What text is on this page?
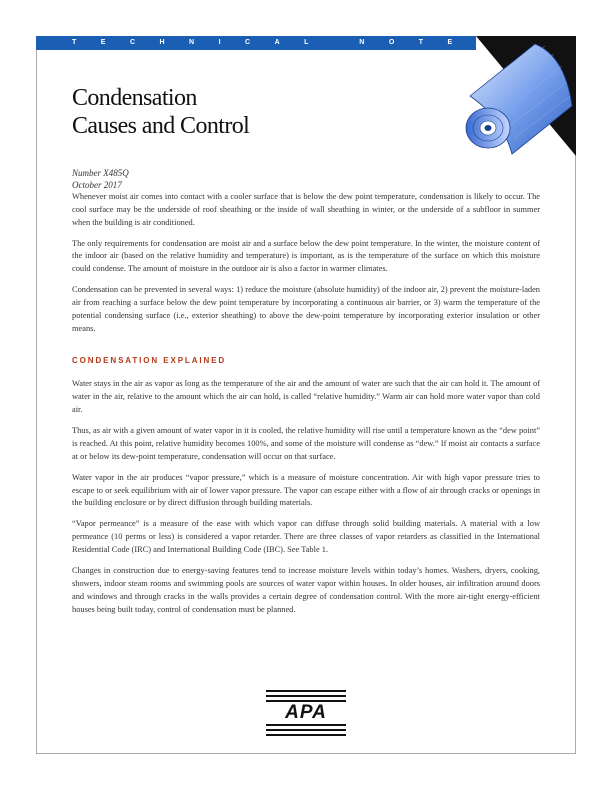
TECHNICAL NOTE
Condensation
Causes and Control
Number X485Q
October 2017

Whenever moist air comes into contact with a cooler surface that is below the dew point temperature, condensation is likely to occur. The cool surface may be the underside of roof sheathing or the inside of wall sheathing in winter, or the underside of a subfloor in summer when the building is air conditioned.

The only requirements for condensation are moist air and a surface below the dew point temperature. In the winter, the moisture content of the indoor air (based on the relative humidity and temperature) is important, as is the temperature of the surface on which this moisture could condense. The amount of moisture in the outdoor air is also a factor in warmer climates.

Condensation can be prevented in several ways: 1) reduce the moisture (absolute humidity) of the indoor air, 2) prevent the moisture-laden air from reaching a surface below the dew point temperature by incorporating a continuous air barrier, or 3) warm the temperature of the potential condensing surface (i.e., exterior sheathing) to above the dew-point temperature by incorporating exterior insulation or other means.

CONDENSATION EXPLAINED

Water stays in the air as vapor as long as the temperature of the air and the amount of water are such that the air can hold it. The amount of water in the air, relative to the amount which the air can hold, is called “relative humidity.” Warm air can hold more water vapor than cold air.

Thus, as air with a given amount of water vapor in it is cooled, the relative humidity will rise until a temperature known as the “dew point” is reached. At this point, relative humidity becomes 100%, and some of the moisture will condense as “dew.” If moist air contacts a surface at or below its dew-point temperature, condensation will occur on that surface.

Water vapor in the air produces “vapor pressure,” which is a measure of moisture concentration. Air with high vapor pressure tries to escape to or seek equilibrium with air of lower vapor pressure. The vapor can escape either with a flow of air through cracks or openings in the building enclosure or by direct diffusion through building materials.

“Vapor permeance” is a measure of the ease with which vapor can diffuse through solid building materials. A material with a low permeance (10 perms or less) is considered a vapor retarder. There are three classes of vapor retarders as classified in the International Residential Code (IRC) and International Building Code (IBC). See Table 1.

Changes in construction due to energy-saving features tend to increase moisture levels within today’s homes. Washers, dryers, cooking, showers, indoor steam rooms and swimming pools are sources of water vapor within houses. In older houses, air infiltration around doors and windows and through cracks in the walls provides a certain degree of condensation control. With the more air-tight energy-efficient houses being built today, control of condensation must be planned.

APA
